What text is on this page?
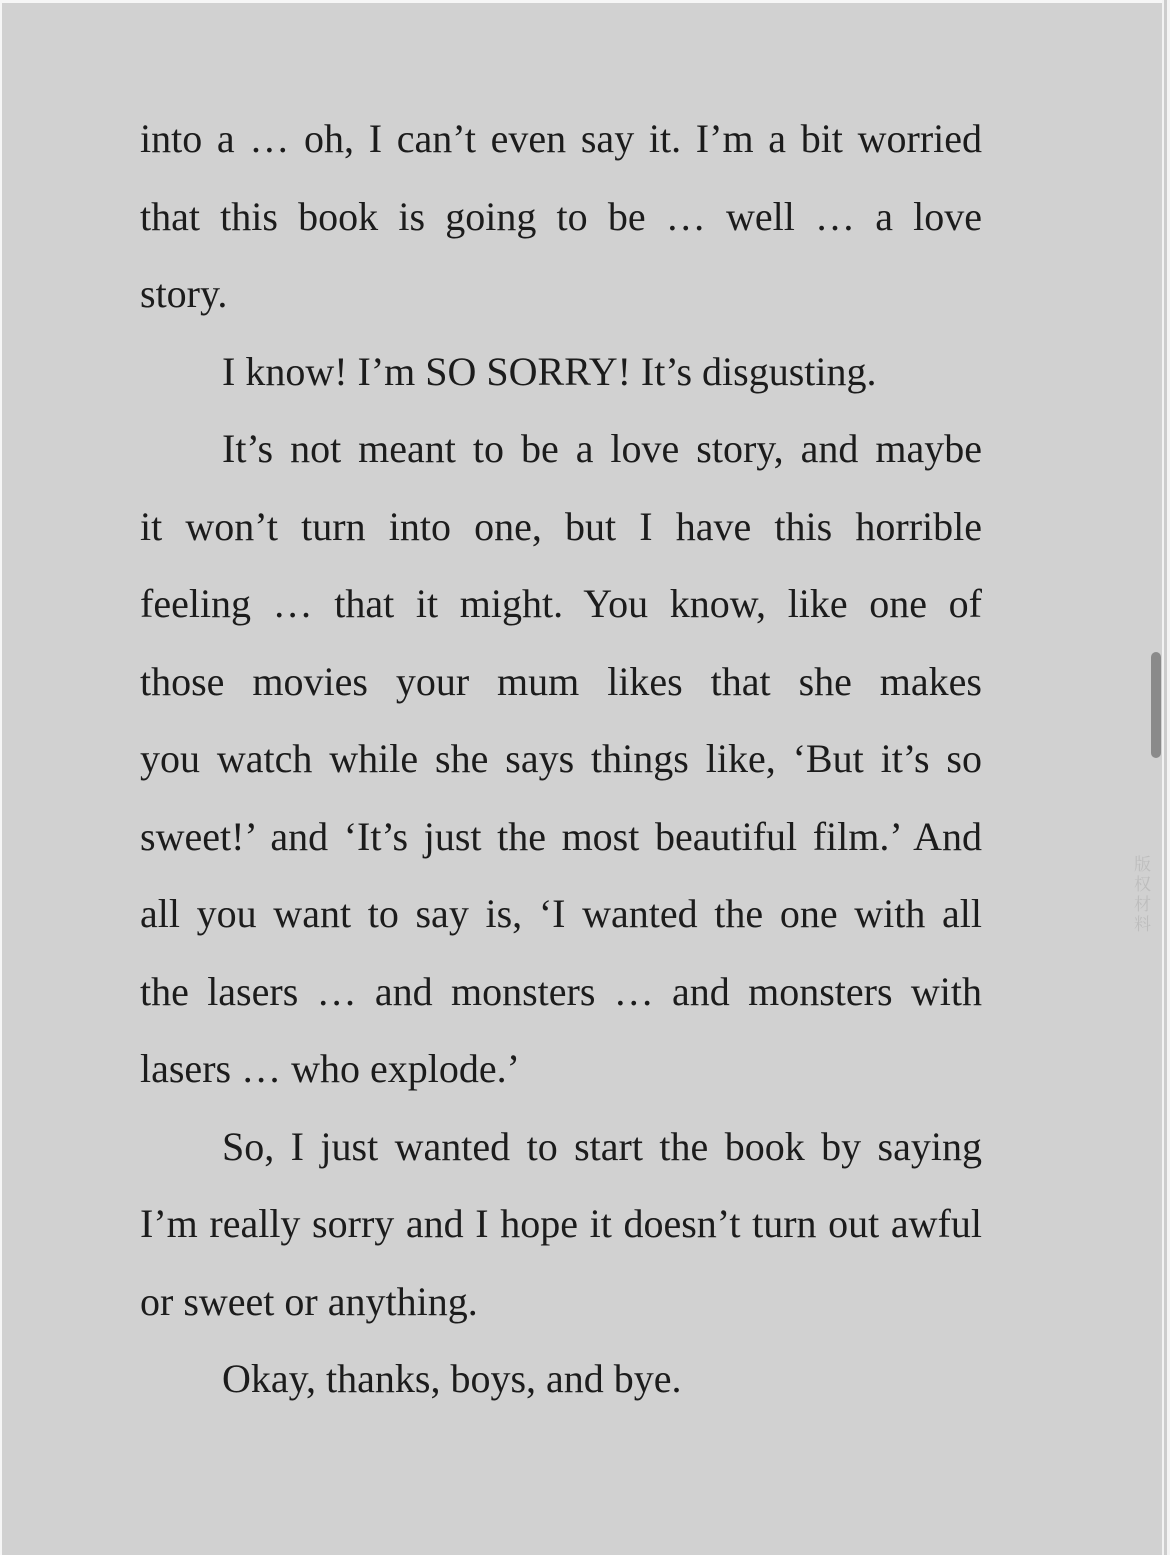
into a … oh, I can’t even say it. I’m a bit worried
that this book is going to be … well … a love
story.
I know! I’m SO SORRY! It’s disgusting.
It’s not meant to be a love story, and maybe
it won’t turn into one, but I have this horrible
feeling … that it might. You know, like one of
those movies your mum likes that she makes
you watch while she says things like, ‘But it’s so
sweet!’ and ‘It’s just the most beautiful film.’ And
all you want to say is, ‘I wanted the one with all
the lasers … and monsters … and monsters with
lasers … who explode.’
So, I just wanted to start the book by saying
I’m really sorry and I hope it doesn’t turn out awful
or sweet or anything.
Okay, thanks, boys, and bye.
版权材料
